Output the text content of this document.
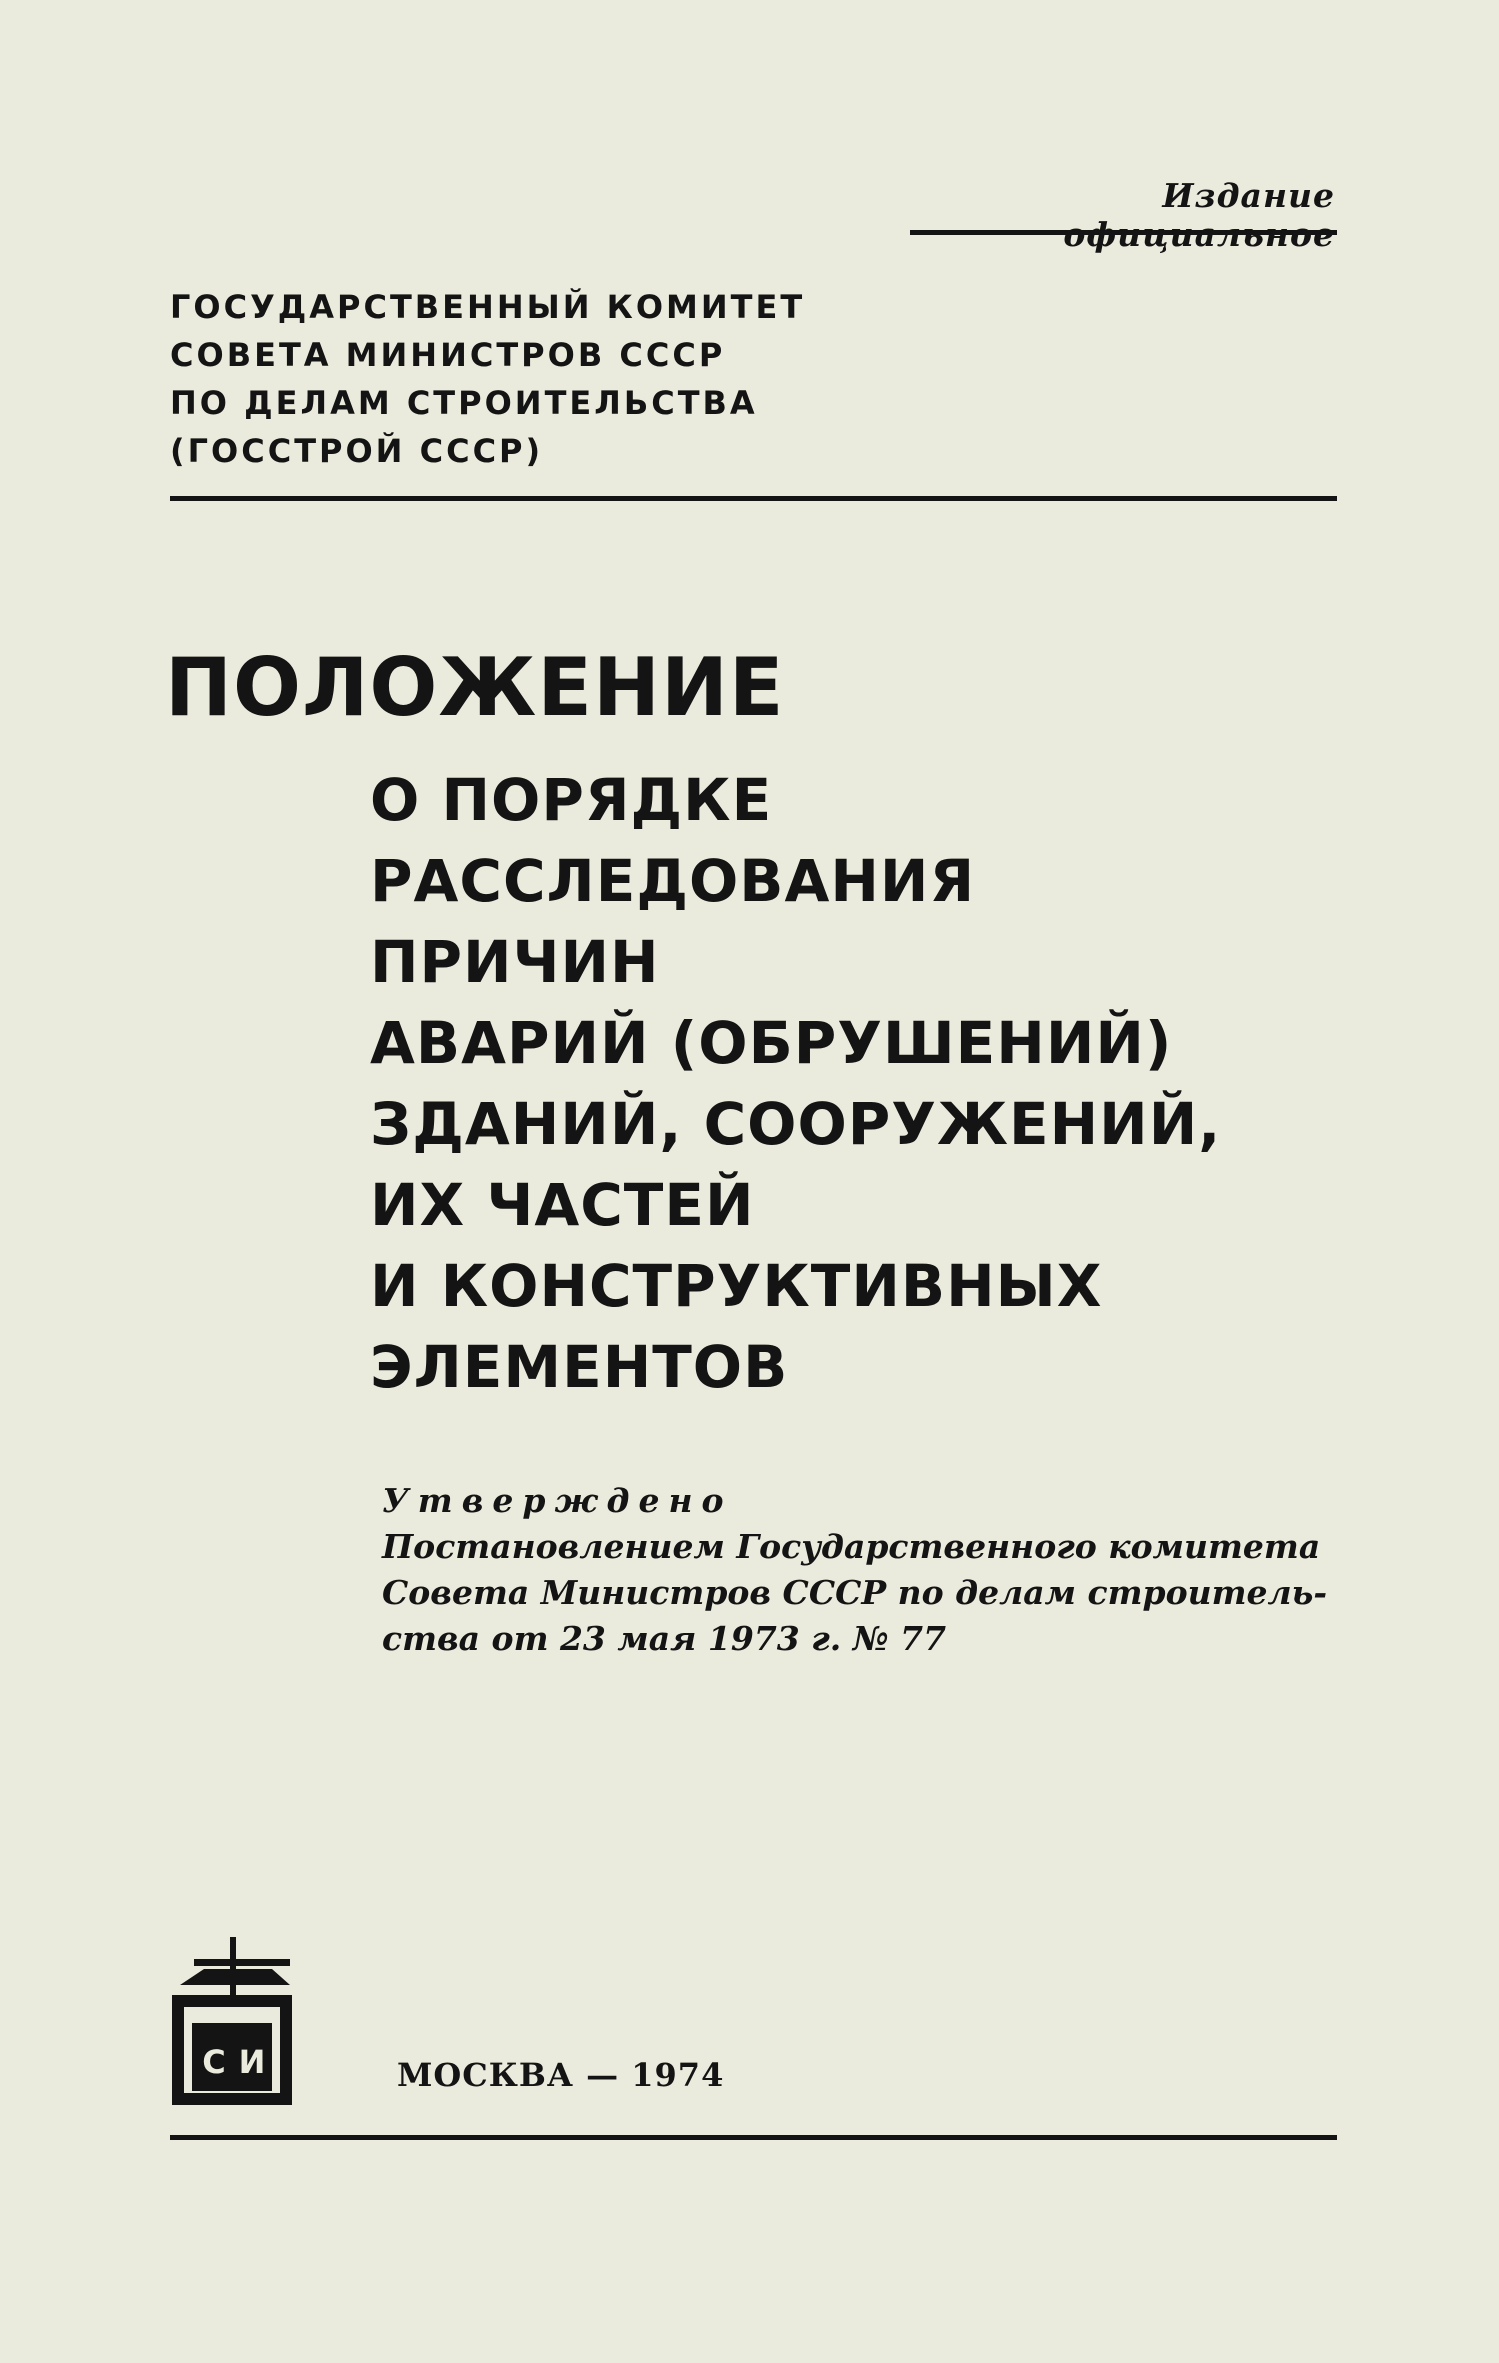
Издание
ГОСУДАРСТВЕННЫЙ КОМИТЕТ
СОВЕТА МИНИСТРОВ СССР
ПО ДЕЛАМ СТРОИТЕЛЬСТВА
(ГОССТРОЙ СССР)
ПОЛОЖЕНИЕ
О ПОРЯДКЕ
РАССЛЕДОВАНИЯ
ПРИЧИН
АВАРИЙ (ОБРУШЕНИЙ)
ЗДАНИЙ, СООРУЖЕНИЙ,
ИХ ЧАСТЕЙ
И КОНСТРУКТИВНЫХ
ЭЛЕМЕНТОВ
Утверждено
Постановлением Государственного комитета
Совета Министров СССР по делам строитель-
ства от 23 мая 1973 г. № 77
С И	МОСКВА — 1974
